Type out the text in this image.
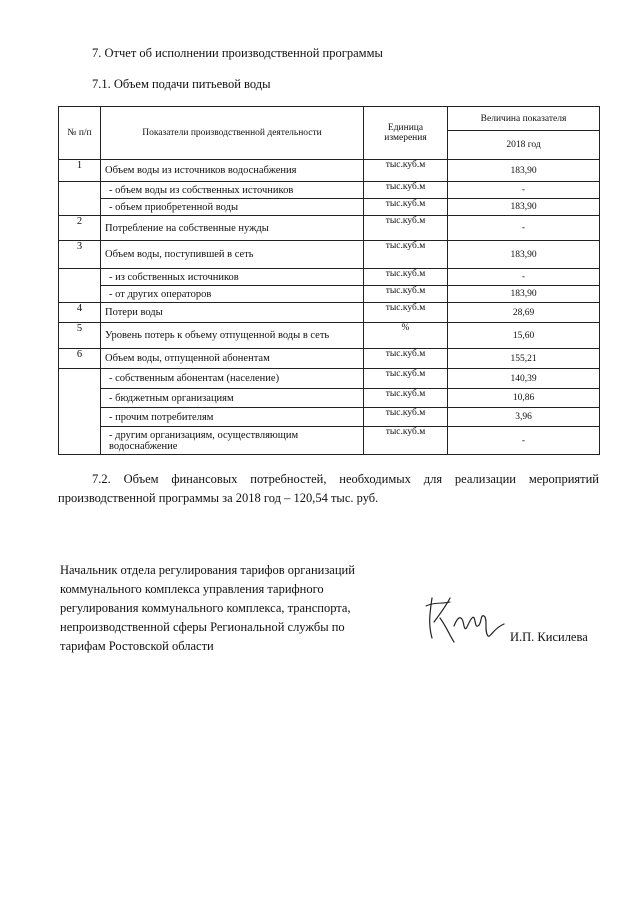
7. Отчет об исполнении производственной программы
7.1. Объем подачи питьевой воды
№ п/п	Показатели производственной деятельности	Единица измерения	Величина показателя
			2018 год
1	Объем воды из источников водоснабжения	тыс.куб.м	183,90
	- объем воды из собственных источников	тыс.куб.м	-
	- объем приобретенной воды	тыс.куб.м	183,90
2	Потребление на собственные нужды	тыс.куб.м	-
3	Объем воды, поступившей в сеть	тыс.куб.м	183,90
	- из собственных источников	тыс.куб.м	-
	- от других операторов	тыс.куб.м	183,90
4	Потери воды	тыс.куб.м	28,69
5	Уровень потерь к объему отпущенной воды в сеть	%	15,60
6	Объем воды, отпущенной абонентам	тыс.куб.м	155,21
	- собственным абонентам (население)	тыс.куб.м	140,39
	- бюджетным организациям	тыс.куб.м	10,86
	- прочим потребителям	тыс.куб.м	3,96
	- другим организациям, осуществляющим водоснабжение	тыс.куб.м	-
7.2. Объем финансовых потребностей, необходимых для реализации мероприятий производственной программы за 2018 год – 120,54 тыс. руб.
Начальник отдела регулирования тарифов организаций
коммунального комплекса управления тарифного
регулирования коммунального комплекса, транспорта,
непроизводственной сферы Региональной службы по
тарифам Ростовской области
И.П. Кисилева
